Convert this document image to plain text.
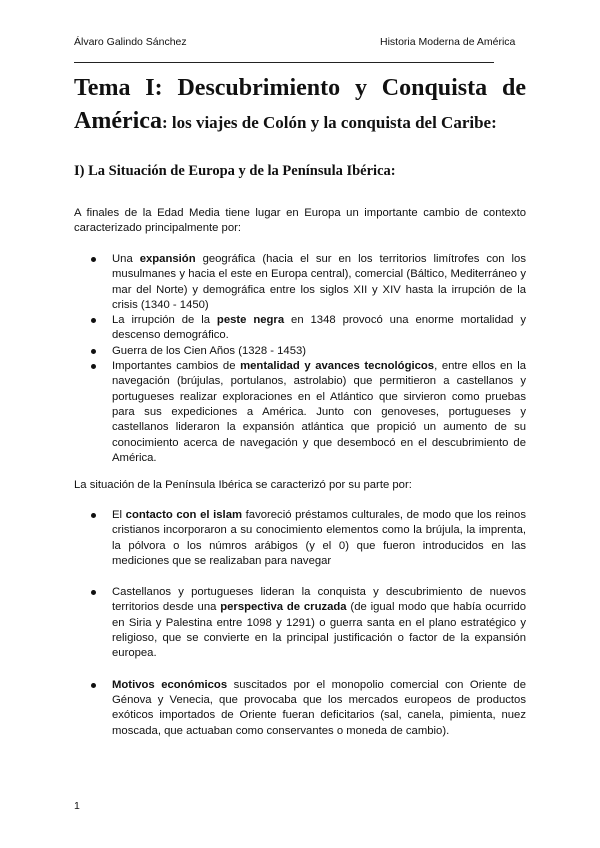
Álvaro Galindo Sánchez	Historia Moderna de América
Tema I: Descubrimiento y Conquista de
América: los viajes de Colón y la conquista del Caribe:
I) La Situación de Europa y de la Península Ibérica:

A finales de la Edad Media tiene lugar en Europa un importante cambio de contexto caracterizado principalmente por:

Una expansión geográfica (hacia el sur en los territorios limítrofes con los musulmanes y hacia el este en Europa central), comercial (Báltico, Mediterráneo y mar del Norte) y demográfica entre los siglos XII y XIV hasta la irrupción de la crisis (1340 - 1450)
La irrupción de la peste negra en 1348 provocó una enorme mortalidad y descenso demográfico.
Guerra de los Cien Años (1328 - 1453)
Importantes cambios de mentalidad y avances tecnológicos, entre ellos en la navegación (brújulas, portulanos, astrolabio) que permitieron a castellanos y portugueses realizar exploraciones en el Atlántico que sirvieron como pruebas para sus expediciones a América. Junto con genoveses, portugueses y castellanos lideraron la expansión atlántica que propició un aumento de su conocimiento acerca de navegación y que desembocó en el descubrimiento de América.

La situación de la Península Ibérica se caracterizó por su parte por:

El contacto con el islam favoreció préstamos culturales, de modo que los reinos cristianos incorporaron a su conocimiento elementos como la brújula, la imprenta, la pólvora o los númros arábigos (y el 0) que fueron introducidos en las mediciones que se realizaban para navegar
Castellanos y portugueses lideran la conquista y descubrimiento de nuevos territorios desde una perspectiva de cruzada (de igual modo que había ocurrido en Siria y Palestina entre 1098 y 1291) o guerra santa en el plano estratégico y religioso, que se convierte en la principal justificación o factor de la expansión europea.
Motivos económicos suscitados por el monopolio comercial con Oriente de Génova y Venecia, que provocaba que los mercados europeos de productos exóticos importados de Oriente fueran deficitarios (sal, canela, pimienta, nuez moscada, que actuaban como conservantes o moneda de cambio).
1
